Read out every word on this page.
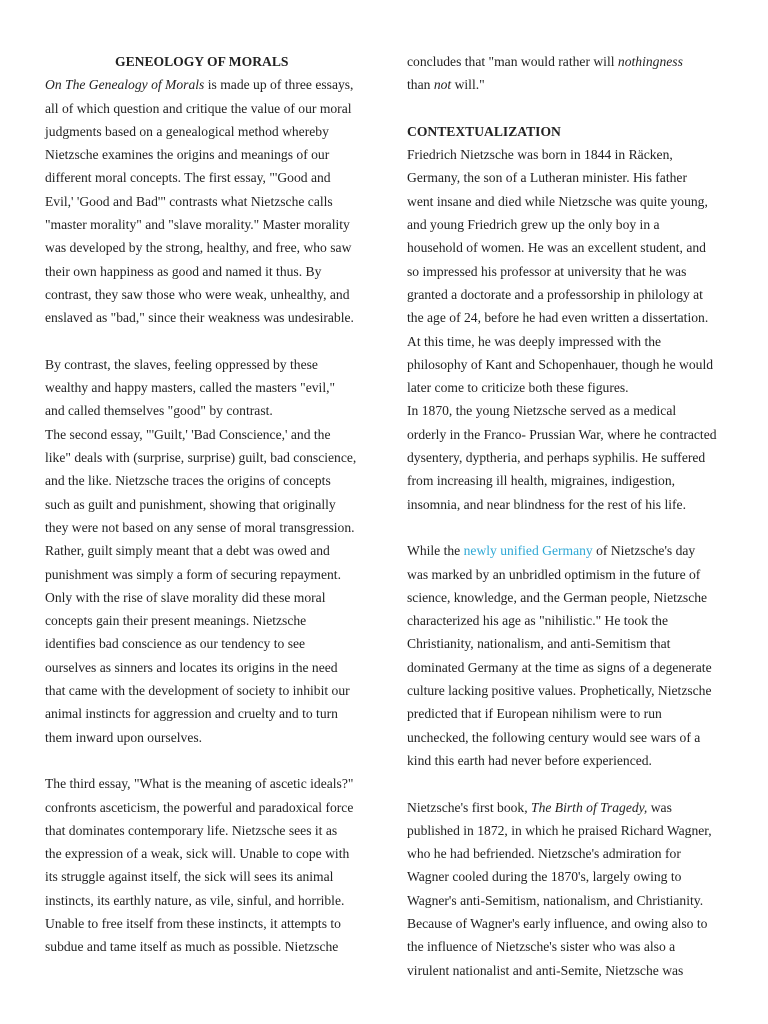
GENEOLOGY OF MORALS
On The Genealogy of Morals is made up of three essays,
all of which question and critique the value of our moral
judgments based on a genealogical method whereby
Nietzsche examines the origins and meanings of our
different moral concepts. The first essay, "'Good and
Evil,' 'Good and Bad'" contrasts what Nietzsche calls
"master morality" and "slave morality." Master morality
was developed by the strong, healthy, and free, who saw
their own happiness as good and named it thus. By
contrast, they saw those who were weak, unhealthy, and
enslaved as "bad," since their weakness was undesirable.
By contrast, the slaves, feeling oppressed by these
wealthy and happy masters, called the masters "evil,"
and called themselves "good" by contrast.
The second essay, "'Guilt,' 'Bad Conscience,' and the
like" deals with (surprise, surprise) guilt, bad conscience,
and the like. Nietzsche traces the origins of concepts
such as guilt and punishment, showing that originally
they were not based on any sense of moral transgression.
Rather, guilt simply meant that a debt was owed and
punishment was simply a form of securing repayment.
Only with the rise of slave morality did these moral
concepts gain their present meanings. Nietzsche
identifies bad conscience as our tendency to see
ourselves as sinners and locates its origins in the need
that came with the development of society to inhibit our
animal instincts for aggression and cruelty and to turn
them inward upon ourselves.
The third essay, "What is the meaning of ascetic ideals?"
confronts asceticism, the powerful and paradoxical force
that dominates contemporary life. Nietzsche sees it as
the expression of a weak, sick will. Unable to cope with
its struggle against itself, the sick will sees its animal
instincts, its earthly nature, as vile, sinful, and horrible.
Unable to free itself from these instincts, it attempts to
subdue and tame itself as much as possible. Nietzsche
concludes that "man would rather will nothingness
than not will."
CONTEXTUALIZATION
Friedrich Nietzsche was born in 1844 in Räcken,
Germany, the son of a Lutheran minister. His father
went insane and died while Nietzsche was quite young,
and young Friedrich grew up the only boy in a
household of women. He was an excellent student, and
so impressed his professor at university that he was
granted a doctorate and a professorship in philology at
the age of 24, before he had even written a dissertation.
At this time, he was deeply impressed with the
philosophy of Kant and Schopenhauer, though he would
later come to criticize both these figures.
In 1870, the young Nietzsche served as a medical
orderly in the Franco- Prussian War, where he contracted
dysentery, dyptheria, and perhaps syphilis. He suffered
from increasing ill health, migraines, indigestion,
insomnia, and near blindness for the rest of his life.
While the newly unified Germany of Nietzsche's day
was marked by an unbridled optimism in the future of
science, knowledge, and the German people, Nietzsche
characterized his age as "nihilistic." He took the
Christianity, nationalism, and anti-Semitism that
dominated Germany at the time as signs of a degenerate
culture lacking positive values. Prophetically, Nietzsche
predicted that if European nihilism were to run
unchecked, the following century would see wars of a
kind this earth had never before experienced.
Nietzsche's first book, The Birth of Tragedy, was
published in 1872, in which he praised Richard Wagner,
who he had befriended. Nietzsche's admiration for
Wagner cooled during the 1870's, largely owing to
Wagner's anti-Semitism, nationalism, and Christianity.
Because of Wagner's early influence, and owing also to
the influence of Nietzsche's sister who was also a
virulent nationalist and anti-Semite, Nietzsche was
